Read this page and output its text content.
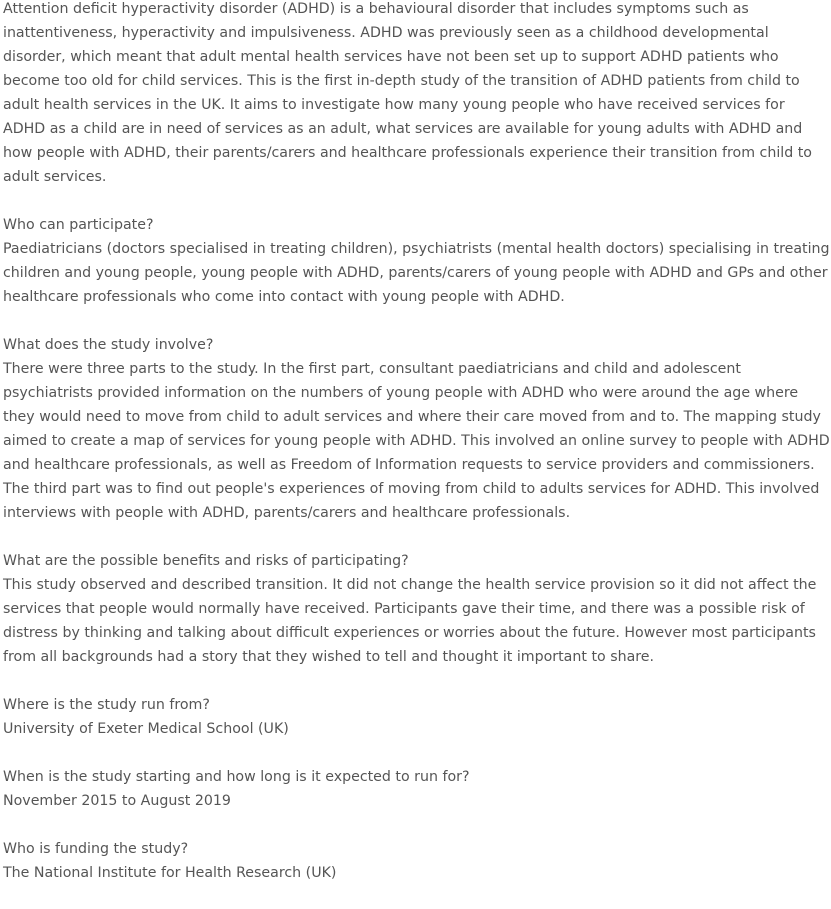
Attention deficit hyperactivity disorder (ADHD) is a behavioural disorder that includes symptoms such as inattentiveness, hyperactivity and impulsiveness. ADHD was previously seen as a childhood developmental disorder, which meant that adult mental health services have not been set up to support ADHD patients who become too old for child services. This is the first in-depth study of the transition of ADHD patients from child to adult health services in the UK. It aims to investigate how many young people who have received services for ADHD as a child are in need of services as an adult, what services are available for young adults with ADHD and how people with ADHD, their parents/carers and healthcare professionals experience their transition from child to adult services.

Who can participate?
Paediatricians (doctors specialised in treating children), psychiatrists (mental health doctors) specialising in treating children and young people, young people with ADHD, parents/carers of young people with ADHD and GPs and other healthcare professionals who come into contact with young people with ADHD.

What does the study involve?
There were three parts to the study. In the first part, consultant paediatricians and child and adolescent psychiatrists provided information on the numbers of young people with ADHD who were around the age where they would need to move from child to adult services and where their care moved from and to. The mapping study aimed to create a map of services for young people with ADHD. This involved an online survey to people with ADHD and healthcare professionals, as well as Freedom of Information requests to service providers and commissioners. The third part was to find out people's experiences of moving from child to adults services for ADHD. This involved interviews with people with ADHD, parents/carers and healthcare professionals.

What are the possible benefits and risks of participating?
This study observed and described transition. It did not change the health service provision so it did not affect the services that people would normally have received. Participants gave their time, and there was a possible risk of distress by thinking and talking about difficult experiences or worries about the future. However most participants from all backgrounds had a story that they wished to tell and thought it important to share.

Where is the study run from?
University of Exeter Medical School (UK)

When is the study starting and how long is it expected to run for?
November 2015 to August 2019

Who is funding the study?
The National Institute for Health Research (UK)
